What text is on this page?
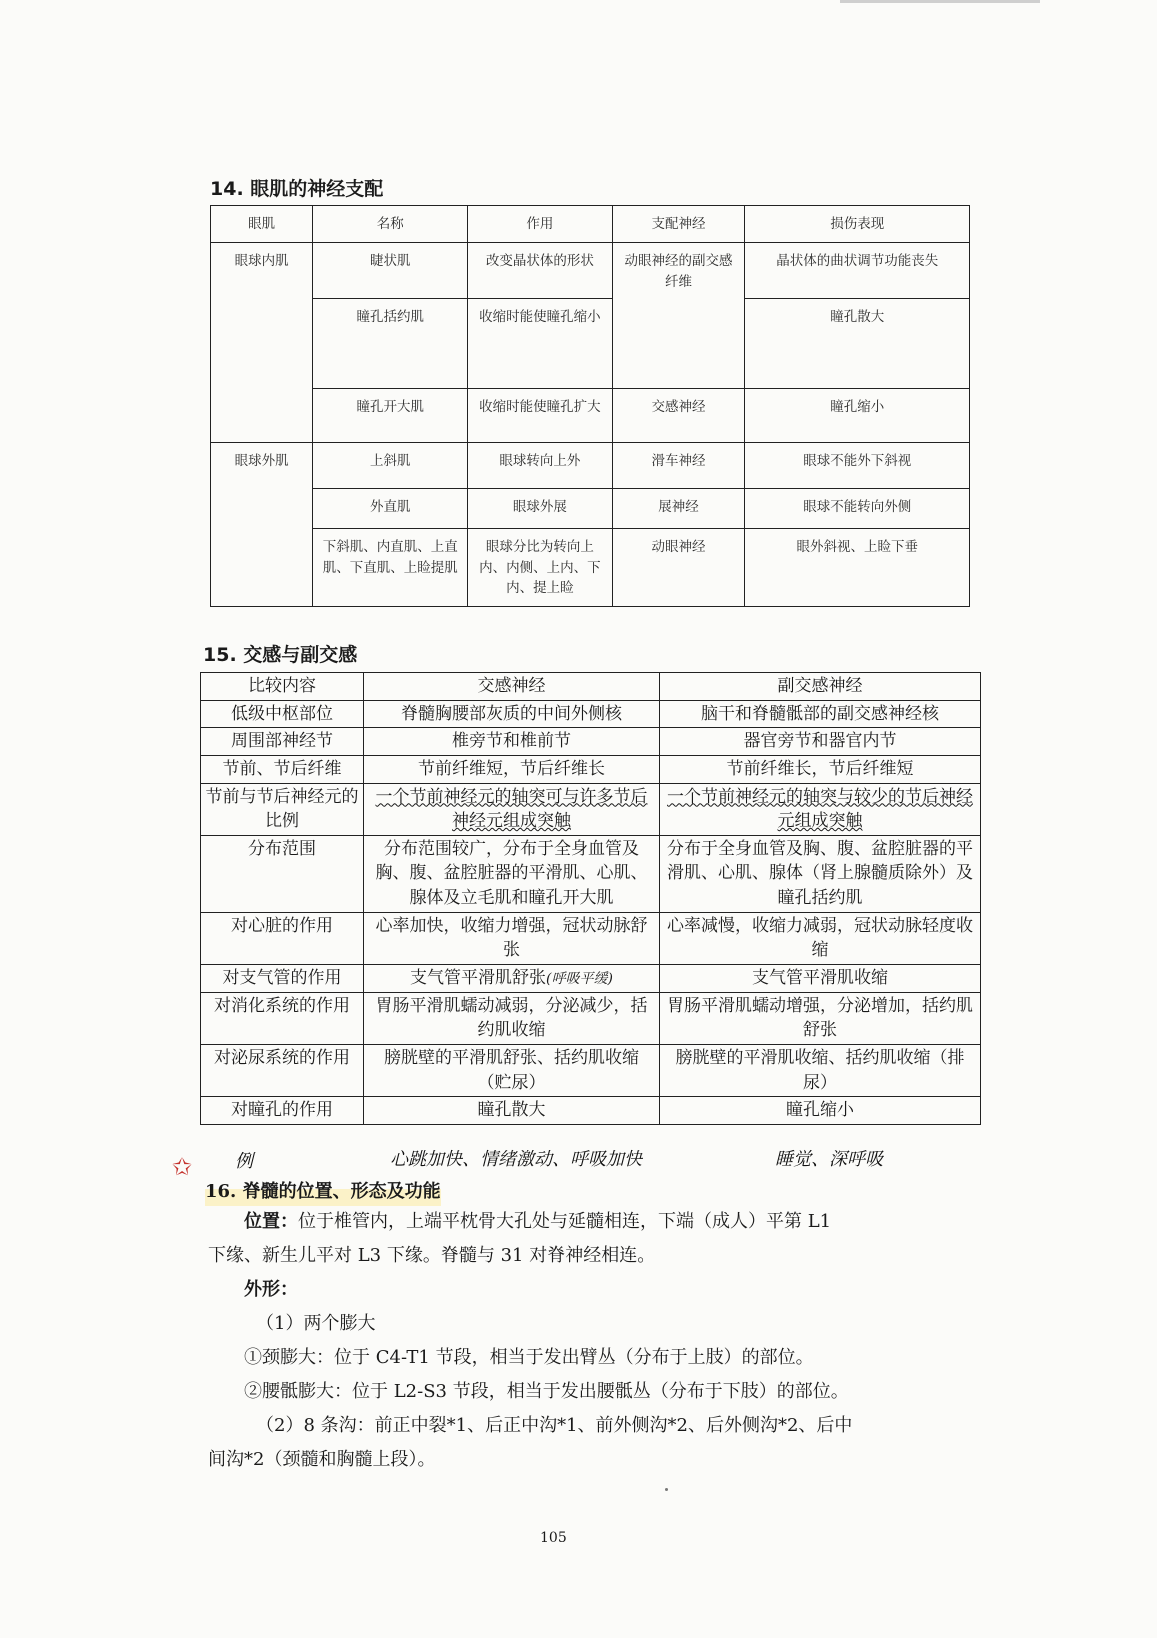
14. 眼肌的神经支配
眼肌	名称	作用	支配神经	损伤表现
眼球内肌	睫状肌	改变晶状体的形状	动眼神经的副交感纤维	晶状体的曲状调节功能丧失
	瞳孔括约肌	收缩时能使瞳孔缩小		瞳孔散大
	瞳孔开大肌	收缩时能使瞳孔扩大	交感神经	瞳孔缩小
眼球外肌	上斜肌	眼球转向上外	滑车神经	眼球不能外下斜视
	外直肌	眼球外展	展神经	眼球不能转向外侧
	下斜肌、内直肌、上直肌、下直肌、上睑提肌	眼球分比为转向上内、内侧、上内、下内、提上睑	动眼神经	眼外斜视、上睑下垂
15. 交感与副交感
比较内容	交感神经	副交感神经
低级中枢部位	脊髓胸腰部灰质的中间外侧核	脑干和脊髓骶部的副交感神经核
周围部神经节	椎旁节和椎前节	器官旁节和器官内节
节前、节后纤维	节前纤维短，节后纤维长	节前纤维长，节后纤维短
节前与节后神经元的比例	一个节前神经元的轴突可与许多节后神经元组成突触	一个节前神经元的轴突与较少的节后神经元组成突触
分布范围	分布范围较广，分布于全身血管及胸、腹、盆腔脏器的平滑肌、心肌、腺体及立毛肌和瞳孔开大肌	分布于全身血管及胸、腹、盆腔脏器的平滑肌、心肌、腺体（肾上腺髓质除外）及瞳孔括约肌
对心脏的作用	心率加快，收缩力增强，冠状动脉舒张	心率减慢，收缩力减弱，冠状动脉轻度收缩
对支气管的作用	支气管平滑肌舒张(呼吸平缓)	支气管平滑肌收缩
对消化系统的作用	胃肠平滑肌蠕动减弱，分泌减少，括约肌收缩	胃肠平滑肌蠕动增强，分泌增加，括约肌舒张
对泌尿系统的作用	膀胱壁的平滑肌舒张、括约肌收缩（贮尿）	膀胱壁的平滑肌收缩、括约肌收缩（排尿）
对瞳孔的作用	瞳孔散大	瞳孔缩小
例	心跳加快、情绪激动、呼吸加快	睡觉、深呼吸
✩
16. 脊髓的位置、形态及功能
位置：位于椎管内，上端平枕骨大孔处与延髓相连，下端（成人）平第 L1
下缘、新生儿平对 L3 下缘。脊髓与 31 对脊神经相连。
外形：
（1）两个膨大
①颈膨大：位于 C4-T1 节段，相当于发出臂丛（分布于上肢）的部位。
②腰骶膨大：位于 L2-S3 节段，相当于发出腰骶丛（分布于下肢）的部位。
（2）8 条沟：前正中裂*1、后正中沟*1、前外侧沟*2、后外侧沟*2、后中
间沟*2（颈髓和胸髓上段）。
105
